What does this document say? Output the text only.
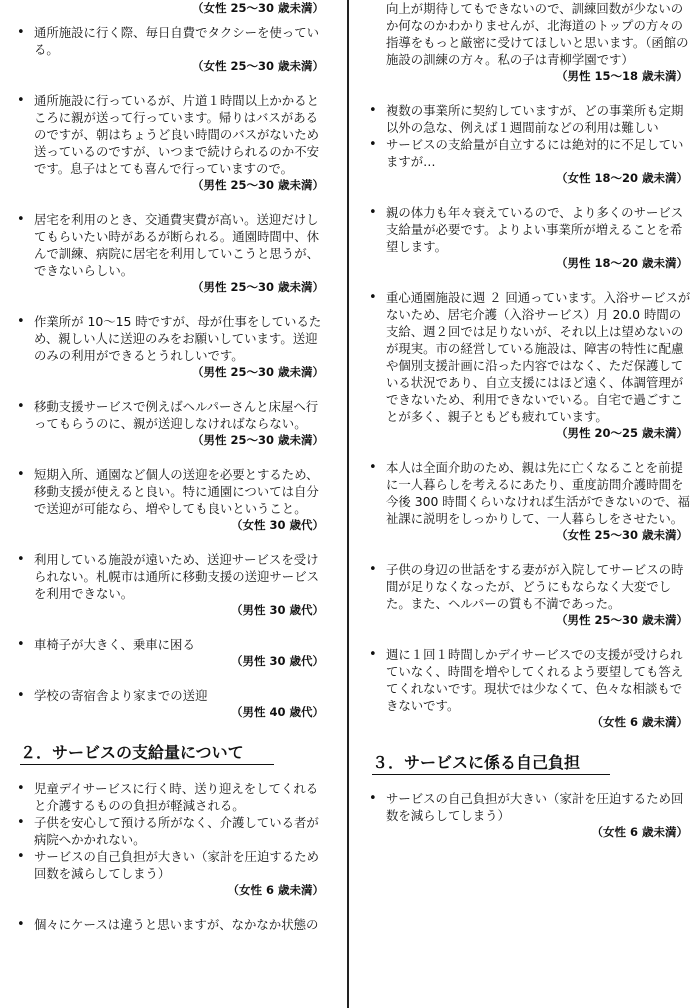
（女性 25～30 歳未満）
• 通所施設に行く際、毎日自費でタクシーを使っている。
（女性 25～30 歳未満）
• 通所施設に行っているが、片道１時間以上かかるところに親が送って行っています。帰りはバスがあるのですが、朝はちょうど良い時間のバスがないため送っているのですが、いつまで続けられるのか不安です。息子はとても喜んで行っていますので。
（男性 25～30 歳未満）
• 居宅を利用のとき、交通費実費が高い。送迎だけしてもらいたい時があるが断られる。通園時間中、休んで訓練、病院に居宅を利用していこうと思うが、できないらしい。
（男性 25～30 歳未満）
• 作業所が 10～15 時ですが、母が仕事をしているため、親しい人に送迎のみをお願いしています。送迎のみの利用ができるとうれしいです。
（男性 25～30 歳未満）
• 移動支援サービスで例えばヘルパーさんと床屋へ行ってもらうのに、親が送迎しなければならない。
（男性 25～30 歳未満）
• 短期入所、通園など個人の送迎を必要とするため、移動支援が使えると良い。特に通園については自分で送迎が可能なら、増やしても良いということ。
（女性 30 歳代）
• 利用している施設が遠いため、送迎サービスを受けられない。札幌市は通所に移動支援の送迎サービスを利用できない。
（男性 30 歳代）
• 車椅子が大きく、乗車に困る
（男性 30 歳代）
• 学校の寄宿舎より家までの送迎
（男性 40 歳代）
２．サービスの支給量について
• 児童デイサービスに行く時、送り迎えをしてくれると介護するものの負担が軽減される。
• 子供を安心して預ける所がなく、介護している者が病院へかかれない。
• サービスの自己負担が大きい（家計を圧迫するため回数を減らしてしまう）
（女性 6 歳未満）
• 個々にケースは違うと思いますが、なかなか状態の
向上が期待してもできないので、訓練回数が少ないのか何なのかわかりませんが、北海道のトップの方々の指導をもっと厳密に受けてほしいと思います。（函館の施設の訓練の方々。私の子は青柳学園です）
（男性 15～18 歳未満）
• 複数の事業所に契約していますが、どの事業所も定期以外の急な、例えば１週間前などの利用は難しい
• サービスの支給量が自立するには絶対的に不足していますが…
（女性 18～20 歳未満）
• 親の体力も年々衰えているので、より多くのサービス支給量が必要です。よりよい事業所が増えることを希望します。
（男性 18～20 歳未満）
• 重心通園施設に週 ２ 回通っています。入浴サービスがないため、居宅介護（入浴サービス）月 20.0 時間の支給、週２回では足りないが、それ以上は望めないのが現実。市の経営している施設は、障害の特性に配慮や個別支援計画に沿った内容ではなく、ただ保護している状況であり、自立支援にはほど遠く、体調管理ができないため、利用できないでいる。自宅で過ごすことが多く、親子ともども疲れています。
（男性 20～25 歳未満）
• 本人は全面介助のため、親は先に亡くなることを前提に一人暮らしを考えるにあたり、重度訪問介護時間を今後 300 時間くらいなければ生活ができないので、福祉課に説明をしっかりして、一人暮らしをさせたい。
（女性 25～30 歳未満）
• 子供の身辺の世話をする妻がが入院してサービスの時間が足りなくなったが、どうにもならなく大変でした。また、ヘルパーの質も不満であった。
（男性 25～30 歳未満）
• 週に１回１時間しかデイサービスでの支援が受けられていなく、時間を増やしてくれるよう要望しても答えてくれないです。現状では少なくて、色々な相談もできないです。
（女性 6 歳未満）
３．サービスに係る自己負担
• サービスの自己負担が大きい（家計を圧迫するため回数を減らしてしまう）
（女性 6 歳未満）
